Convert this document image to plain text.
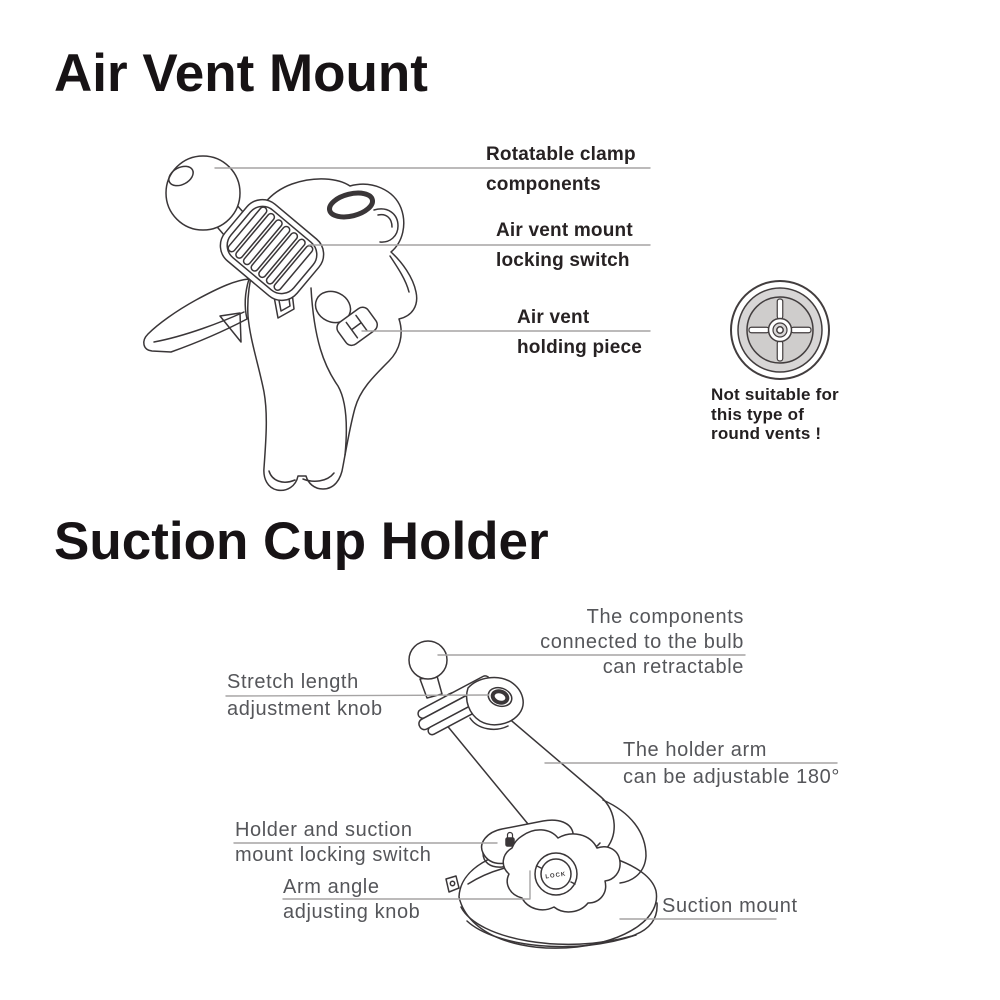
LOCK
Air Vent Mount
Suction Cup Holder
Rotatable clamp
components
Air vent mount
locking switch
Air vent
holding piece
Not suitable for
this type of
round vents !
The components
connected to the bulb
can retractable
Stretch length
adjustment knob
The holder arm
can be adjustable 180°
Holder and suction
mount locking switch
Arm angle
adjusting knob	Suction mount
